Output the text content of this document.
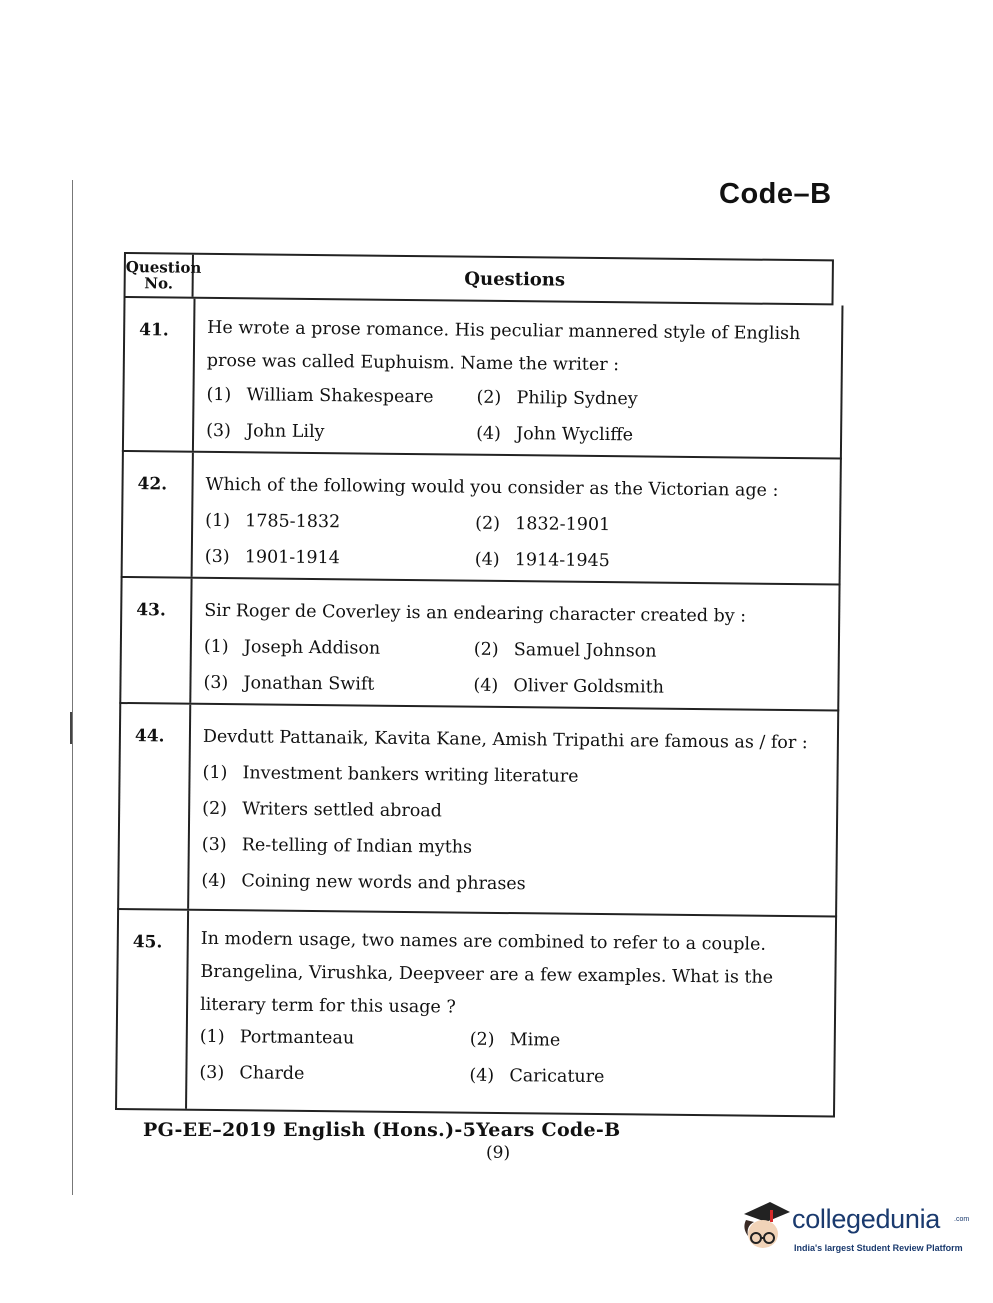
Code–B
Question
No.	Questions
41. He wrote a prose romance. His peculiar mannered style of English prose was called Euphuism. Name the writer :
(1) William Shakespeare (2) Philip Sydney
(3) John Lily	(4) John Wycliffe
42. Which of the following would you consider as the Victorian age :
(1) 1785-1832	(2) 1832-1901
(3) 1901-1914	(4) 1914-1945
43. Sir Roger de Coverley is an endearing character created by :
(1) Joseph Addison	(2) Samuel Johnson
(3) Jonathan Swift	(4) Oliver Goldsmith
44. Devdutt Pattanaik, Kavita Kane, Amish Tripathi are famous as / for :
(1) Investment bankers writing literature
(2) Writers settled abroad
(3) Re-telling of Indian myths
(4) Coining new words and phrases
45. In modern usage, two names are combined to refer to a couple. Brangelina, Virushka, Deepveer are a few examples. What is the literary term for this usage ?
(1) Portmanteau	(2) Mime
(3) Charde	(4) Caricature
PG-EE–2019 English (Hons.)-5Years Code-B
(9)
collegedunia .com
India's largest Student Review Platform
